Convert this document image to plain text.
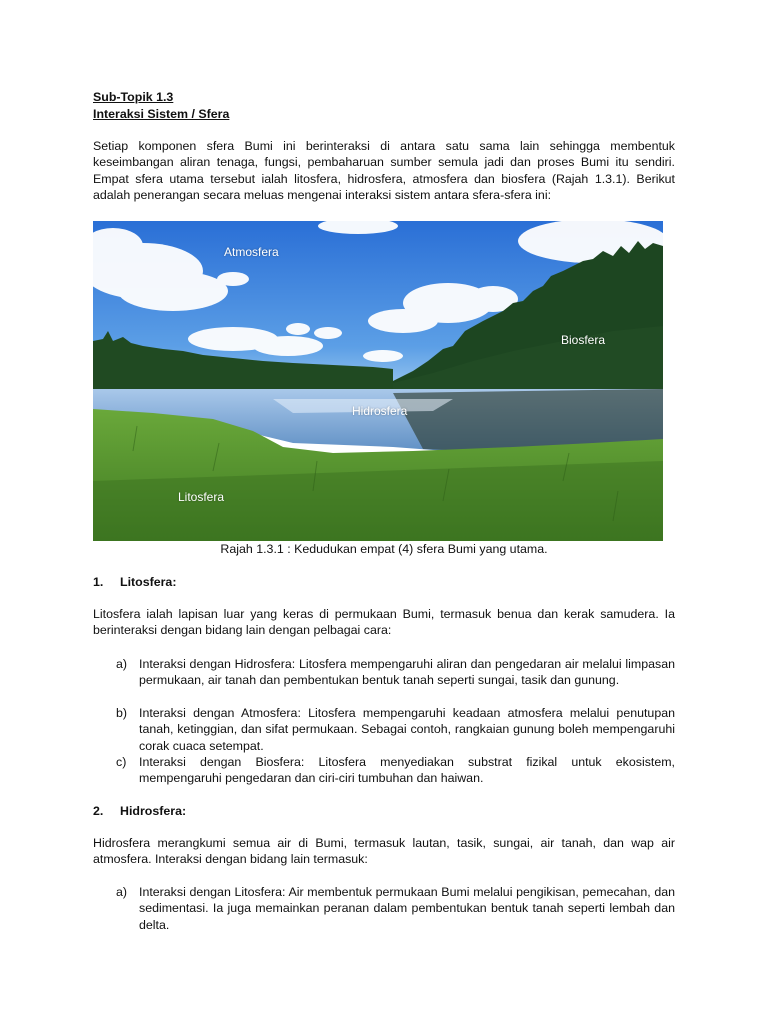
Sub-Topik 1.3
Interaksi Sistem / Sfera

Setiap komponen sfera Bumi ini berinteraksi di antara satu sama lain sehingga membentuk keseimbangan aliran tenaga, fungsi, pembaharuan sumber semula jadi dan proses Bumi itu sendiri. Empat sfera utama tersebut ialah litosfera, hidrosfera, atmosfera dan biosfera (Rajah 1.3.1). Berikut adalah penerangan secara meluas mengenai interaksi sistem antara sfera-sfera ini:

Atmosfera
Biosfera
Hidrosfera
Litosfera
Rajah 1.3.1 : Kedudukan empat (4) sfera Bumi yang utama.
1. Litosfera:

Litosfera ialah lapisan luar yang keras di permukaan Bumi, termasuk benua dan kerak samudera. Ia berinteraksi dengan bidang lain dengan pelbagai cara:

a) Interaksi dengan Hidrosfera: Litosfera mempengaruhi aliran dan pengedaran air melalui limpasan permukaan, air tanah dan pembentukan bentuk tanah seperti sungai, tasik dan gunung.
b) Interaksi dengan Atmosfera: Litosfera mempengaruhi keadaan atmosfera melalui penutupan tanah, ketinggian, dan sifat permukaan. Sebagai contoh, rangkaian gunung boleh mempengaruhi corak cuaca setempat.
c) Interaksi dengan Biosfera: Litosfera menyediakan substrat fizikal untuk ekosistem, mempengaruhi pengedaran dan ciri-ciri tumbuhan dan haiwan.
2. Hidrosfera:

Hidrosfera merangkumi semua air di Bumi, termasuk lautan, tasik, sungai, air tanah, dan wap air atmosfera. Interaksi dengan bidang lain termasuk:

a) Interaksi dengan Litosfera: Air membentuk permukaan Bumi melalui pengikisan, pemecahan, dan sedimentasi. Ia juga memainkan peranan dalam pembentukan bentuk tanah seperti lembah dan delta.
